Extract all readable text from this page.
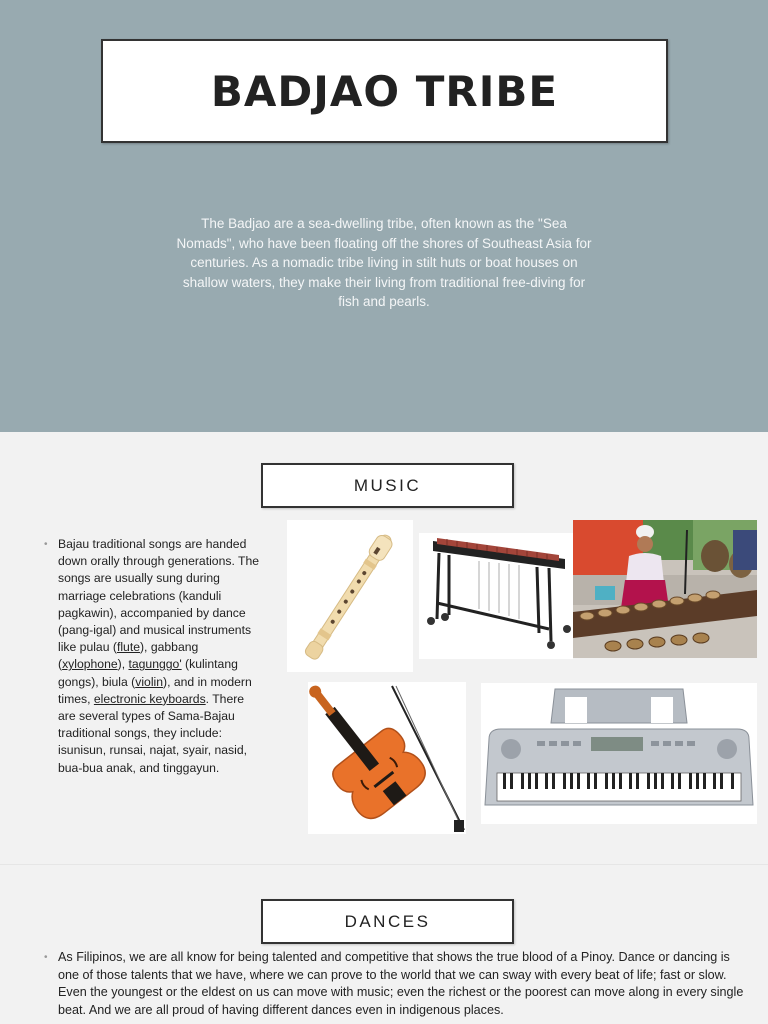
BADJAO TRIBE

The Badjao are a sea-dwelling tribe, often known as the "Sea Nomads", who have been floating off the shores of Southeast Asia for centuries. As a nomadic tribe living in stilt huts or boat houses on shallow waters, they make their living from traditional free-diving for fish and pearls.

MUSIC
• Bajau traditional songs are handed down orally through generations. The songs are usually sung during marriage celebrations (kanduli pagkawin), accompanied by dance (pang-igal) and musical instruments
like pulau (flute), gabbang (xylophone), tagunggo' (kulintang gongs), biula (violin), and in modern times, electronic keyboards. There are several types of Sama-Bajau traditional songs, they include:
isunisun, runsai, najat, syair, nasid, bua-bua anak, and tinggayun.
DANCES
• As Filipinos, we are all know for being talented and competitive that shows the true blood of a Pinoy. Dance or dancing is one of those talents that we have, where we can prove to the world that we can sway with every beat of life; fast or slow. Even the youngest or the eldest on us can move with music; even the richest or the poorest can move along in every single beat. And we are all proud of having different dances even in indigenous places.
